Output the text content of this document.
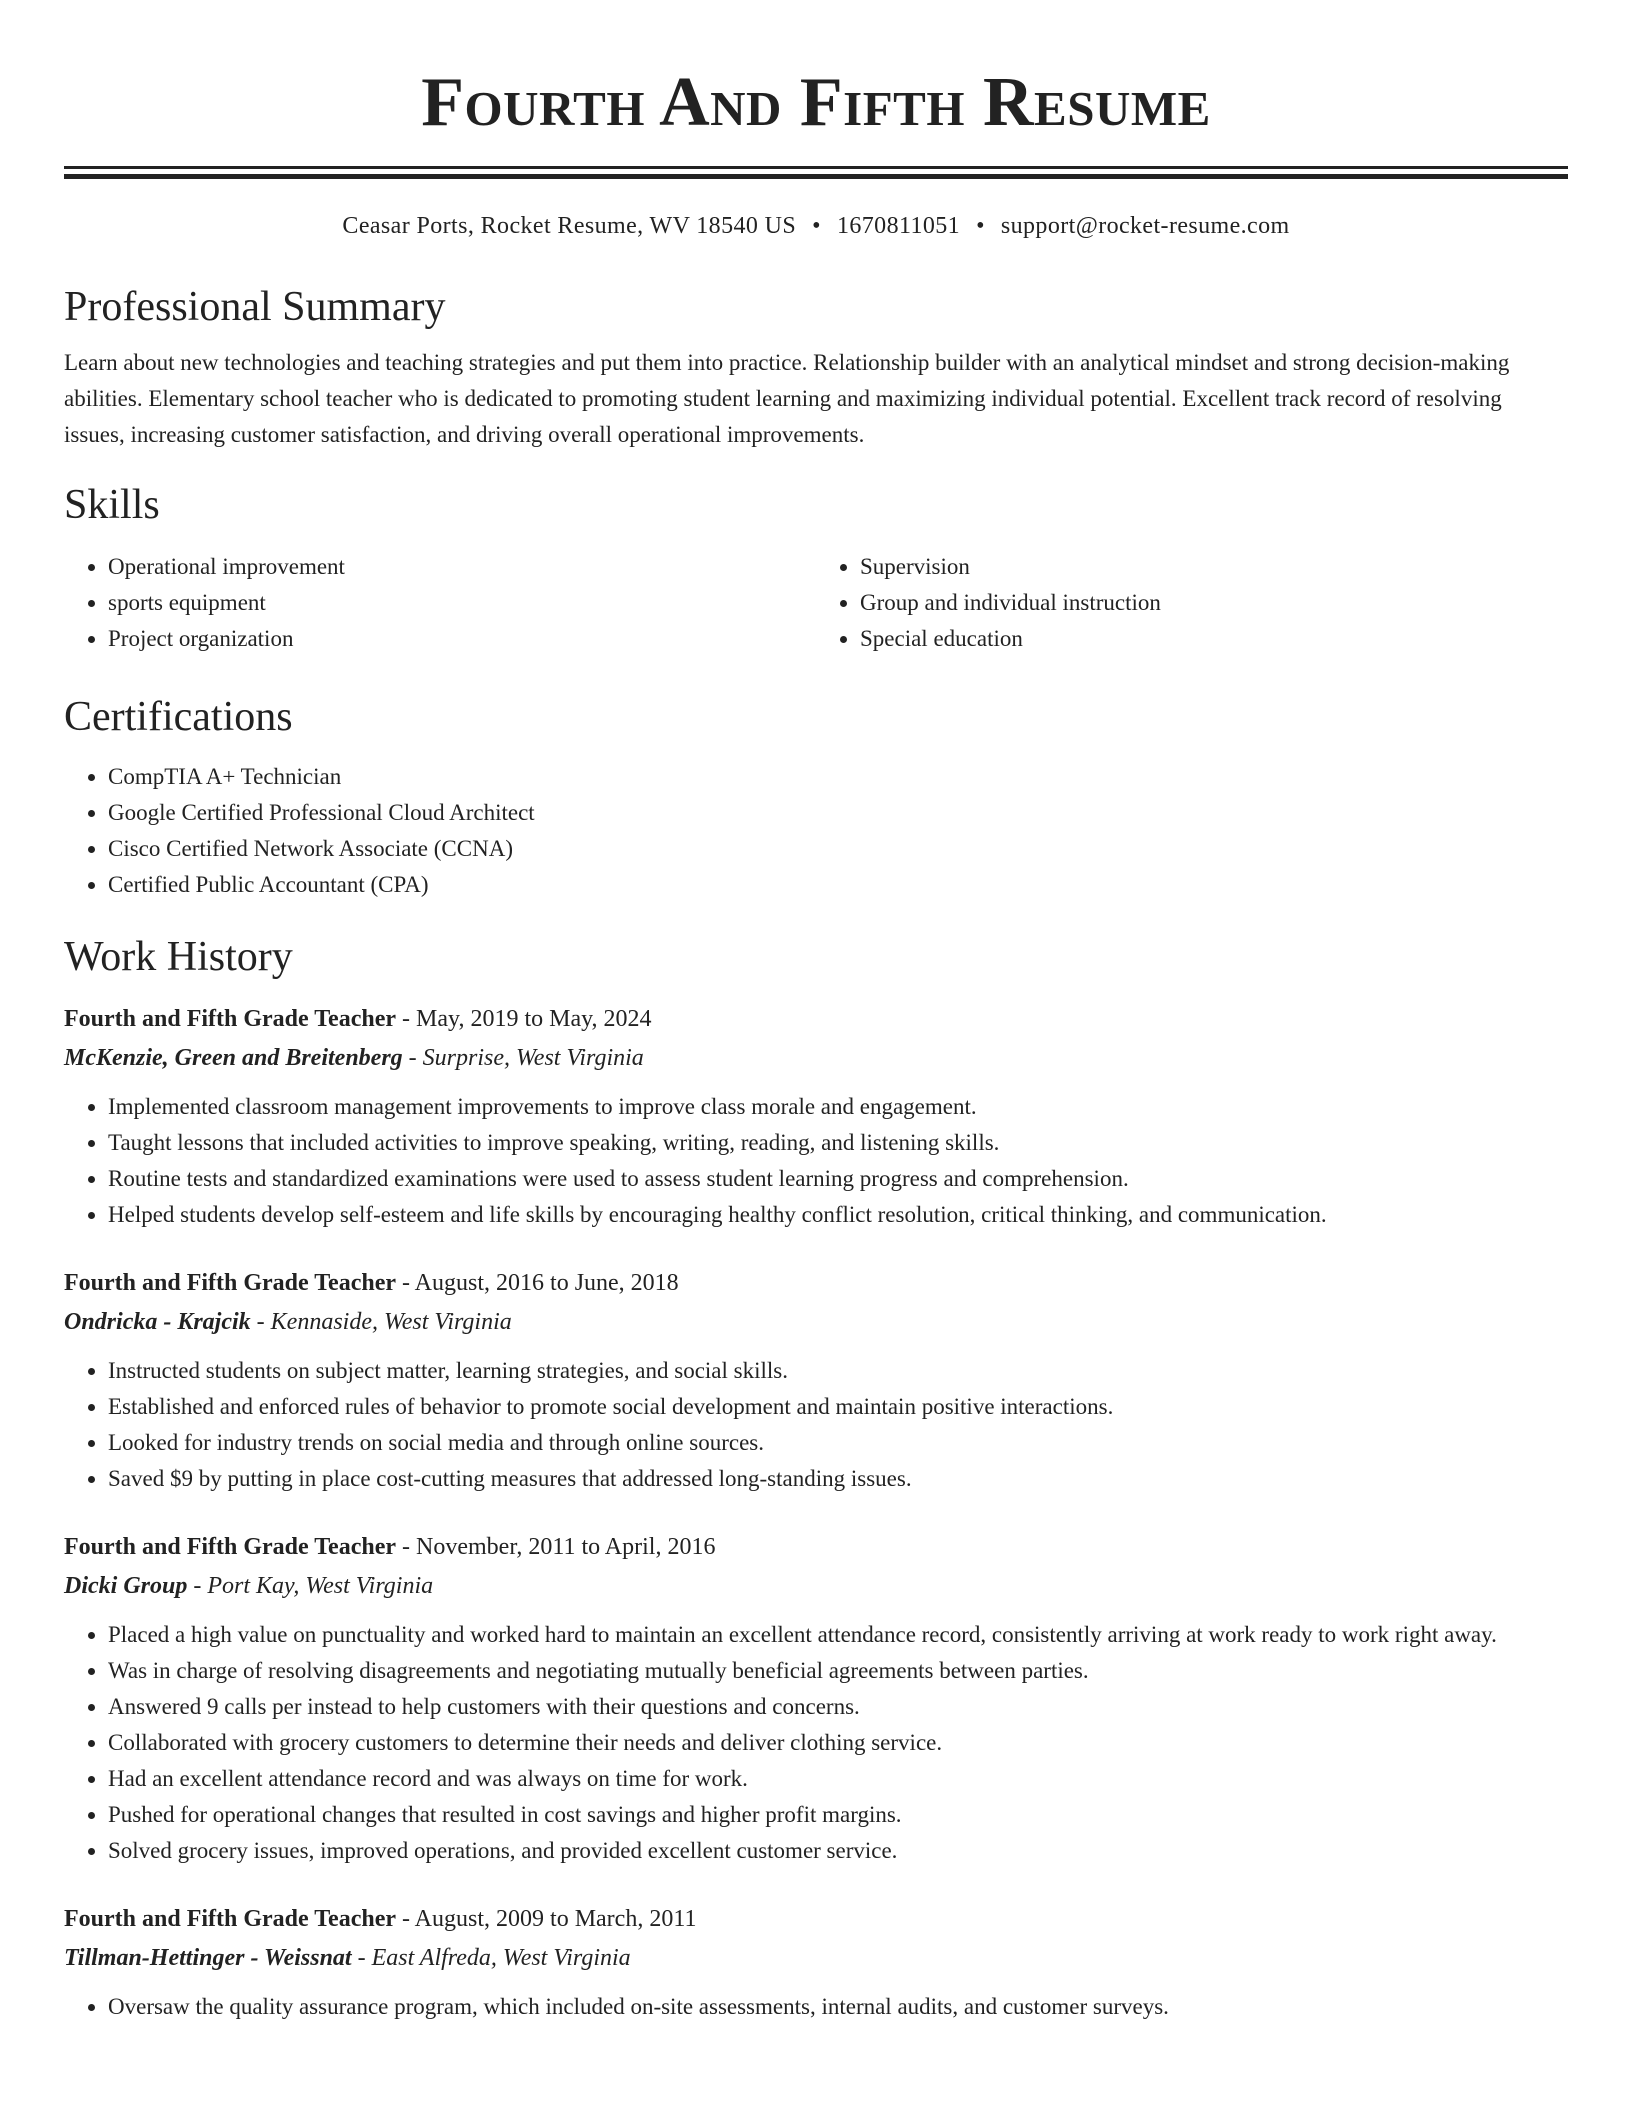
Fourth And Fifth Resume
Ceasar Ports, Rocket Resume, WV 18540 US • 1670811051 • support@rocket-resume.com
Professional Summary

Learn about new technologies and teaching strategies and put them into practice. Relationship builder with an analytical mindset and strong decision-making abilities. Elementary school teacher who is dedicated to promoting student learning and maximizing individual potential. Excellent track record of resolving issues, increasing customer satisfaction, and driving overall operational improvements.

Skills
• Operational improvement
• sports equipment
• Project organization
• Supervision
• Group and individual instruction
• Special education
Certifications
• CompTIA A+ Technician
• Google Certified Professional Cloud Architect
• Cisco Certified Network Associate (CCNA)
• Certified Public Accountant (CPA)
Work History
Fourth and Fifth Grade Teacher - May, 2019 to May, 2024
McKenzie, Green and Breitenberg - Surprise, West Virginia
• Implemented classroom management improvements to improve class morale and engagement.
• Taught lessons that included activities to improve speaking, writing, reading, and listening skills.
• Routine tests and standardized examinations were used to assess student learning progress and comprehension.
• Helped students develop self-esteem and life skills by encouraging healthy conflict resolution, critical thinking, and communication.
Fourth and Fifth Grade Teacher - August, 2016 to June, 2018
Ondricka - Krajcik - Kennaside, West Virginia
• Instructed students on subject matter, learning strategies, and social skills.
• Established and enforced rules of behavior to promote social development and maintain positive interactions.
• Looked for industry trends on social media and through online sources.
• Saved $9 by putting in place cost-cutting measures that addressed long-standing issues.
Fourth and Fifth Grade Teacher - November, 2011 to April, 2016
Dicki Group - Port Kay, West Virginia
• Placed a high value on punctuality and worked hard to maintain an excellent attendance record, consistently arriving at work ready to work right away.
• Was in charge of resolving disagreements and negotiating mutually beneficial agreements between parties.
• Answered 9 calls per instead to help customers with their questions and concerns.
• Collaborated with grocery customers to determine their needs and deliver clothing service.
• Had an excellent attendance record and was always on time for work.
• Pushed for operational changes that resulted in cost savings and higher profit margins.
• Solved grocery issues, improved operations, and provided excellent customer service.
Fourth and Fifth Grade Teacher - August, 2009 to March, 2011
Tillman-Hettinger - Weissnat - East Alfreda, West Virginia
• Oversaw the quality assurance program, which included on-site assessments, internal audits, and customer surveys.
